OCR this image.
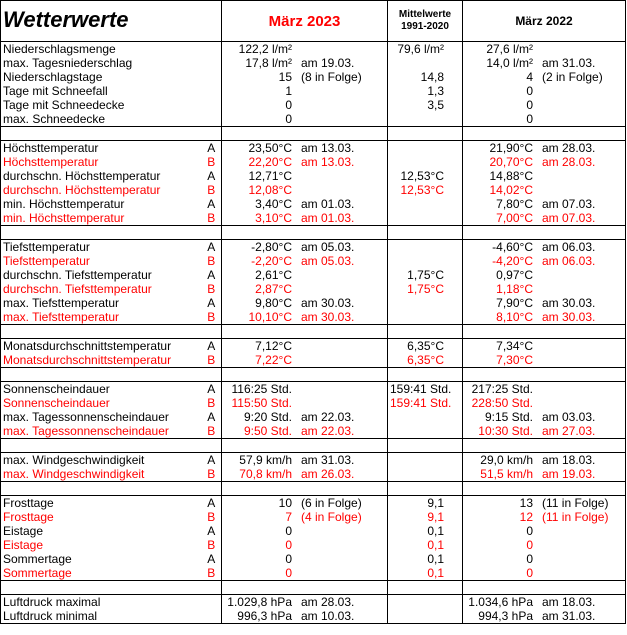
Wetterwerte		März 2023	Mittelwerte
1991-2020	März 2022
Niederschlagsmenge		122,2 l/m²	79,6 l/m²	27,6 l/m²

max. Tagesniederschlag		17,8 l/m² am 19.03.		14,0 l/m² am 31.03.

Niederschlagstage		15 (8 in Folge)	14,8	4 (2 in Folge)

Tage mit Schneefall		1	1,3	0

Tage mit Schneedecke		0	3,5	0

max. Schneedecke		0		0

Höchsttemperatur	A	23,50°C am 13.03.		21,90°C am 28.03.

Höchsttemperatur	B	22,20°C am 13.03.		20,70°C am 28.03.

durchschn. Höchsttemperatur	A	12,71°C	12,53°C	14,88°C

durchschn. Höchsttemperatur	B	12,08°C	12,53°C	14,02°C

min. Höchsttemperatur	A	3,40°C am 01.03.		7,80°C am 07.03.

min. Höchsttemperatur	B	3,10°C am 01.03.		7,00°C am 07.03.

Tiefsttemperatur	A	-2,80°C am 05.03.		-4,60°C am 06.03.

Tiefsttemperatur	B	-2,20°C am 05.03.		-4,20°C am 06.03.

durchschn. Tiefsttemperatur	A	2,61°C	1,75°C	0,97°C

durchschn. Tiefsttemperatur	B	2,87°C	1,75°C	1,18°C

max. Tiefsttemperatur	A	9,80°C am 30.03.		7,90°C am 30.03.

max. Tiefsttemperatur	B	10,10°C am 30.03.		8,10°C am 30.03.

Monatsdurchschnittstemperatur	A	7,12°C	6,35°C	7,34°C

Monatsdurchschnittstemperatur	B	7,22°C	6,35°C	7,30°C

Sonnenscheindauer	A	116:25 Std.	159:41 Std.	217:25 Std.

Sonnenscheindauer	B	115:50 Std.	159:41 Std.	228:50 Std.

max. Tagessonnenscheindauer	A	9:20 Std. am 22.03.		9:15 Std. am 03.03.

max. Tagessonnenscheindauer	B	9:50 Std. am 22.03.		10:30 Std. am 27.03.

max. Windgeschwindigkeit	A	57,9 km/h am 31.03.		29,0 km/h am 18.03.

max. Windgeschwindigkeit	B	70,8 km/h am 26.03.		51,5 km/h am 19.03.

Frosttage	A	10 (6 in Folge)	9,1	13 (11 in Folge)

Frosttage	B	7 (4 in Folge)	9,1	12 (11 in Folge)

Eistage	A	0	0,1	0

Eistage	B	0	0,1	0

Sommertage	A	0	0,1	0

Sommertage	B	0	0,1	0

Luftdruck maximal		1.029,8 hPa am 28.03.		1.034,6 hPa am 18.03.

Luftdruck minimal		996,3 hPa am 10.03.		994,3 hPa am 31.03.
